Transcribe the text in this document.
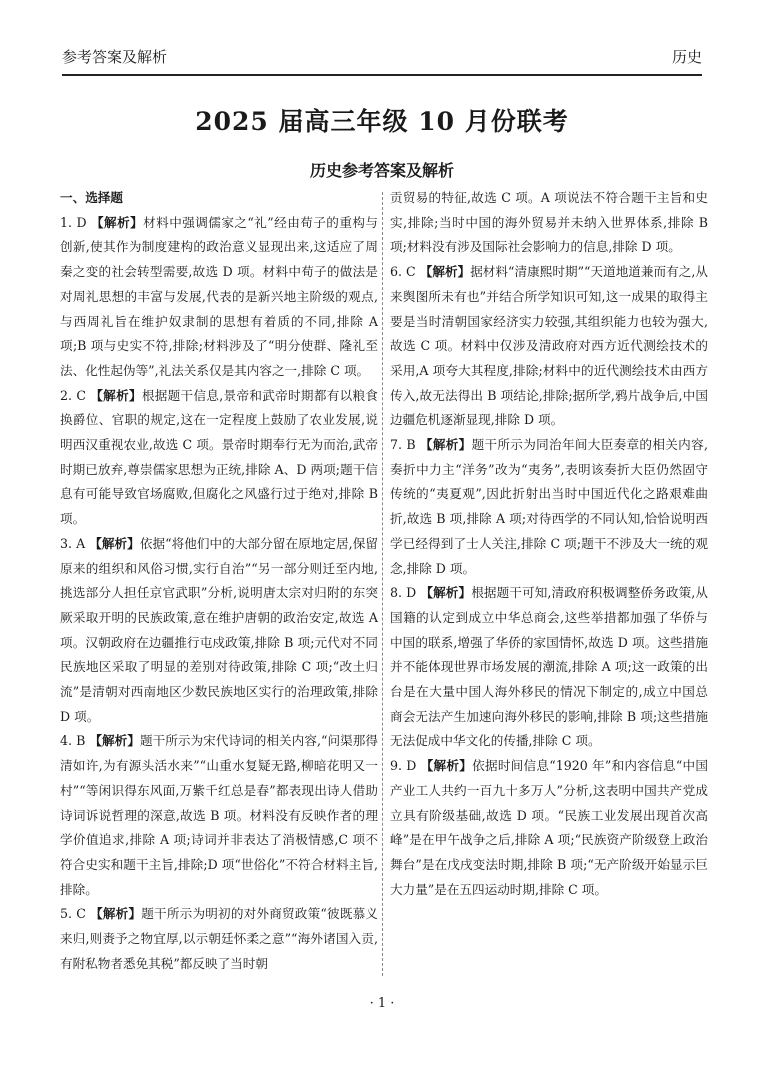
参考答案及解析	历史
2025 届高三年级 10 月份联考
历史参考答案及解析
一、选择题

1. D 【解析】材料中强调儒家之“礼”经由荀子的重构与创新,使其作为制度建构的政治意义显现出来,这适应了周秦之变的社会转型需要,故选 D 项。材料中荀子的做法是对周礼思想的丰富与发展,代表的是新兴地主阶级的观点,与西周礼旨在维护奴隶制的思想有着质的不同,排除 A 项;B 项与史实不符,排除;材料涉及了“明分使群、隆礼至法、化性起伪等”,礼法关系仅是其内容之一,排除 C 项。

2. C 【解析】根据题干信息,景帝和武帝时期都有以粮食换爵位、官职的规定,这在一定程度上鼓励了农业发展,说明西汉重视农业,故选 C 项。景帝时期奉行无为而治,武帝时期已放弃,尊崇儒家思想为正统,排除 A、D 两项;题干信息有可能导致官场腐败,但腐化之风盛行过于绝对,排除 B 项。

3. A 【解析】依据“将他们中的大部分留在原地定居,保留原来的组织和风俗习惯,实行自治”“另一部分则迁至内地,挑选部分人担任京官武职”分析,说明唐太宗对归附的东突厥采取开明的民族政策,意在维护唐朝的政治安定,故选 A 项。汉朝政府在边疆推行屯戍政策,排除 B 项;元代对不同民族地区采取了明显的差别对待政策,排除 C 项;“改土归流”是清朝对西南地区少数民族地区实行的治理政策,排除 D 项。

4. B 【解析】题干所示为宋代诗词的相关内容,“问渠那得清如许,为有源头活水来”“山重水复疑无路,柳暗花明又一村”“等闲识得东风面,万紫千红总是春”都表现出诗人借助诗词诉说哲理的深意,故选 B 项。材料没有反映作者的理学价值追求,排除 A 项;诗词并非表达了消极情感,C 项不符合史实和题干主旨,排除;D 项“世俗化”不符合材料主旨,排除。

5. C 【解析】题干所示为明初的对外商贸政策“彼既慕义来归,则赉予之物宜厚,以示朝廷怀柔之意”“海外诸国入贡,有附私物者悉免其税”都反映了当时朝

贡贸易的特征,故选 C 项。A 项说法不符合题干主旨和史实,排除;当时中国的海外贸易并未纳入世界体系,排除 B 项;材料没有涉及国际社会影响力的信息,排除 D 项。

6. C 【解析】据材料“清康熙时期”“天道地道兼而有之,从来舆图所未有也”并结合所学知识可知,这一成果的取得主要是当时清朝国家经济实力较强,其组织能力也较为强大,故选 C 项。材料中仅涉及清政府对西方近代测绘技术的采用,A 项夸大其程度,排除;材料中的近代测绘技术由西方传入,故无法得出 B 项结论,排除;据所学,鸦片战争后,中国边疆危机逐渐显现,排除 D 项。

7. B 【解析】题干所示为同治年间大臣奏章的相关内容,奏折中力主“洋务”改为“夷务”,表明该奏折大臣仍然固守传统的“夷夏观”,因此折射出当时中国近代化之路艰难曲折,故选 B 项,排除 A 项;对待西学的不同认知,恰恰说明西学已经得到了士人关注,排除 C 项;题干不涉及大一统的观念,排除 D 项。

8. D 【解析】根据题干可知,清政府积极调整侨务政策,从国籍的认定到成立中华总商会,这些举措都加强了华侨与中国的联系,增强了华侨的家国情怀,故选 D 项。这些措施并不能体现世界市场发展的潮流,排除 A 项;这一政策的出台是在大量中国人海外移民的情况下制定的,成立中国总商会无法产生加速向海外移民的影响,排除 B 项;这些措施无法促成中华文化的传播,排除 C 项。

9. D 【解析】依据时间信息“1920 年”和内容信息“中国产业工人共约一百九十多万人”分析,这表明中国共产党成立具有阶级基础,故选 D 项。“民族工业发展出现首次高峰”是在甲午战争之后,排除 A 项;“民族资产阶级登上政治舞台”是在戊戌变法时期,排除 B 项;“无产阶级开始显示巨大力量”是在五四运动时期,排除 C 项。

· 1 ·
